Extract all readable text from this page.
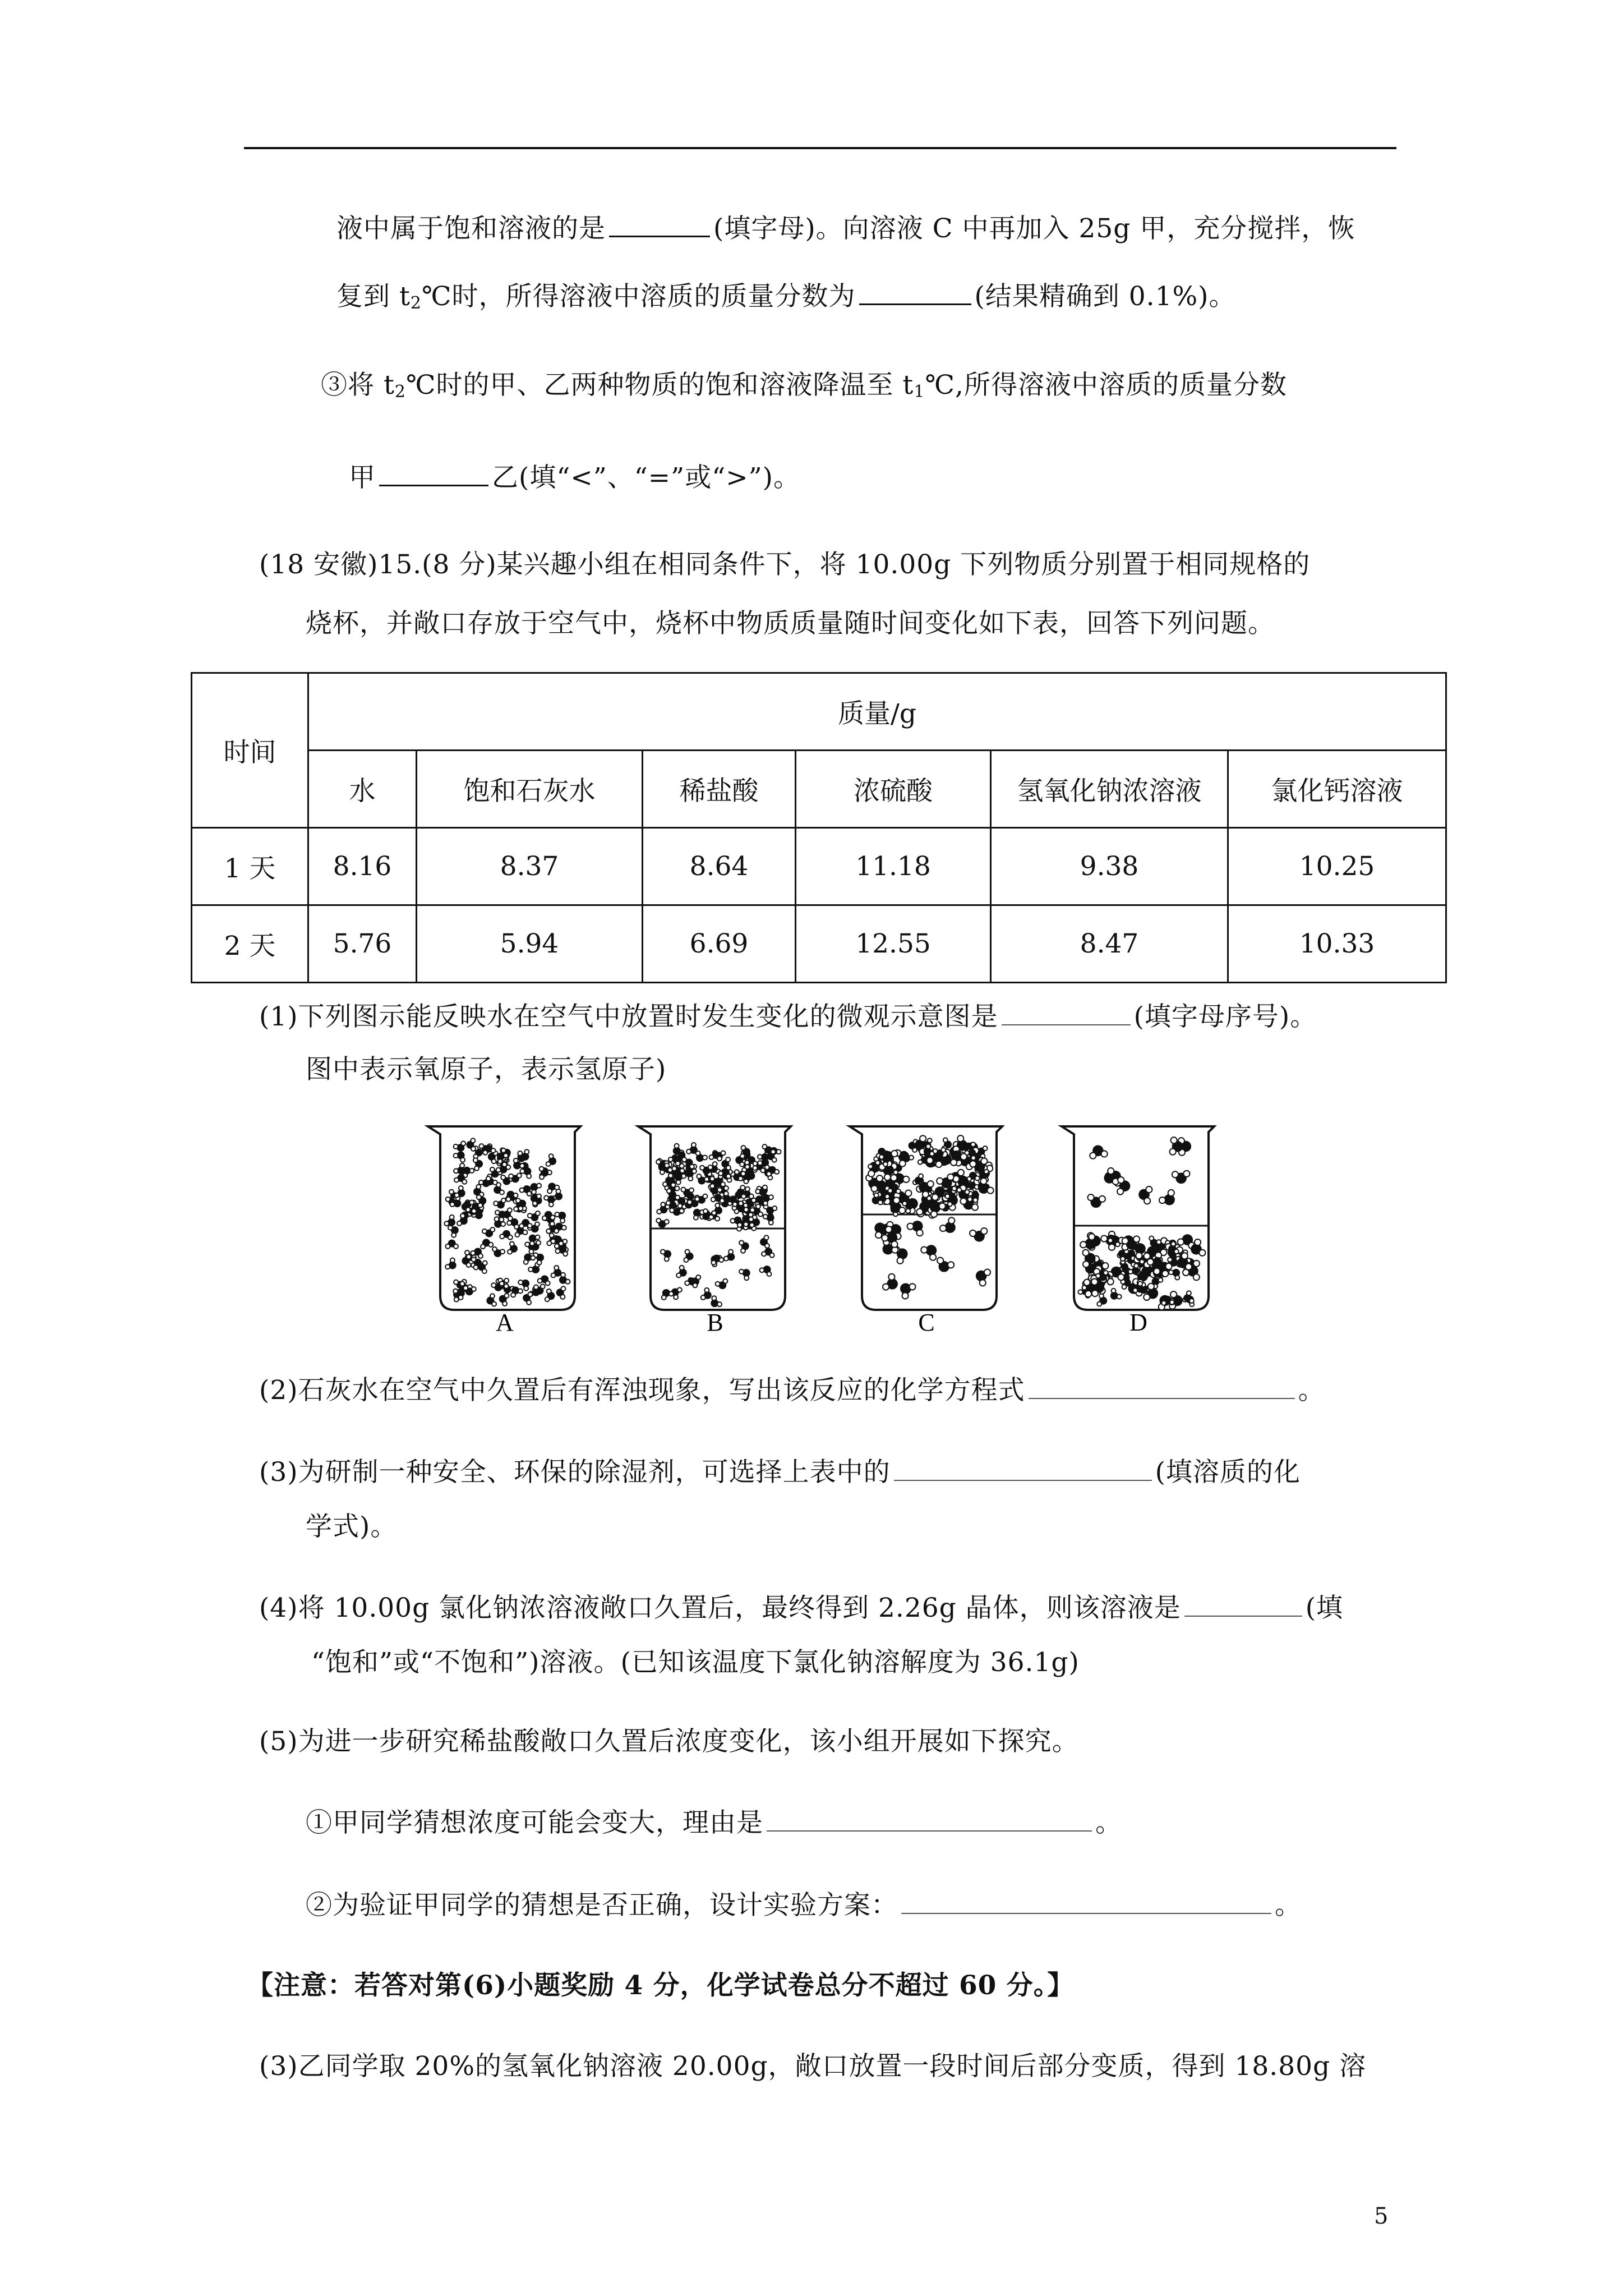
液中属于饱和溶液的是	(填字母)。向溶液 C 中再加入 25g 甲，充分搅拌，恢
复到 $t_2℃$时，所得溶液中溶质的质量分数为	(结果精确到 0.1%)。
③将 $t_2℃$时的甲、乙两种物质的饱和溶液降温至 $t_1℃$,所得溶液中溶质的质量分数
甲	乙(填“<”、“=”或“>”)。
(18 安徽)15.(8 分)某兴趣小组在相同条件下，将 10.00g 下列物质分别置于相同规格的
烧杯，并敞口存放于空气中，烧杯中物质质量随时间变化如下表，回答下列问题。
时间	质量/g					
	水	饱和石灰水	稀盐酸	浓硫酸	氢氧化钠浓溶液	氯化钙溶液
1 天	8.16	8.37	8.64	11.18	9.38	10.25
2 天	5.76	5.94	6.69	12.55	8.47	10.33
(1)下列图示能反映水在空气中放置时发生变化的微观示意图是	(填字母序号)。
图中表示氧原子，表示氢原子)
A	B	C	D
(2)石灰水在空气中久置后有浑浊现象，写出该反应的化学方程式	。
(3)为研制一种安全、环保的除湿剂，可选择上表中的	(填溶质的化
学式)。
(4)将 10.00g 氯化钠浓溶液敞口久置后，最终得到 2.26g 晶体，则该溶液是	(填
“饱和”或“不饱和”)溶液。(已知该温度下氯化钠溶解度为 36.1g)
(5)为进一步研究稀盐酸敞口久置后浓度变化，该小组开展如下探究。
①甲同学猜想浓度可能会变大，理由是	。
②为验证甲同学的猜想是否正确，设计实验方案：	。
【注意：若答对第(6)小题奖励 4 分，化学试卷总分不超过 60 分。】
(3)乙同学取 20%的氢氧化钠溶液 20.00g，敞口放置一段时间后部分变质，得到 18.80g 溶
5
